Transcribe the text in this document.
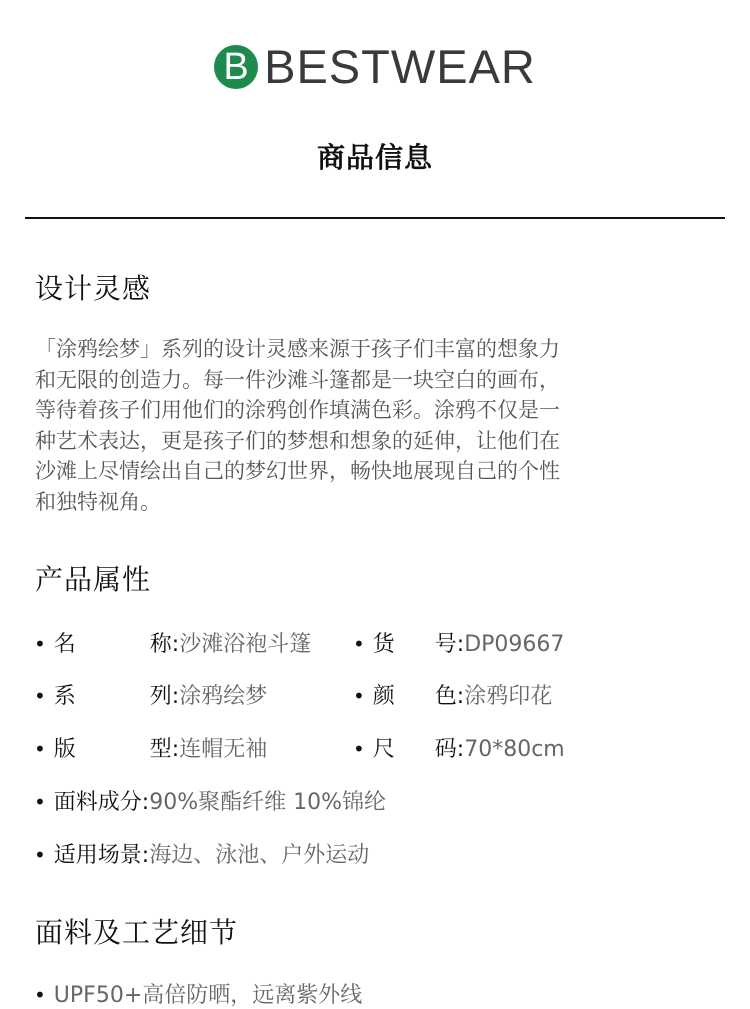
B BESTWEAR
商品信息
设计灵感
「涂鸦绘梦」系列的设计灵感来源于孩子们丰富的想象力
和无限的创造力。每一件沙滩斗篷都是一块空白的画布，
等待着孩子们用他们的涂鸦创作填满色彩。涂鸦不仅是一
种艺术表达，更是孩子们的梦想和想象的延伸，让他们在
沙滩上尽情绘出自己的梦幻世界，畅快地展现自己的个性
和独特视角。
产品属性
• 名	称: 沙滩浴袍斗篷 • 货	号: DP09667
• 系	列: 涂鸦绘梦	• 颜	色: 涂鸦印花
• 版	型: 连帽无袖	• 尺	码: 70*80cm
• 面料成分: 90%聚酯纤维 10%锦纶
• 适用场景: 海边、泳池、户外运动
面料及工艺细节
• UPF50+高倍防晒，远离紫外线
